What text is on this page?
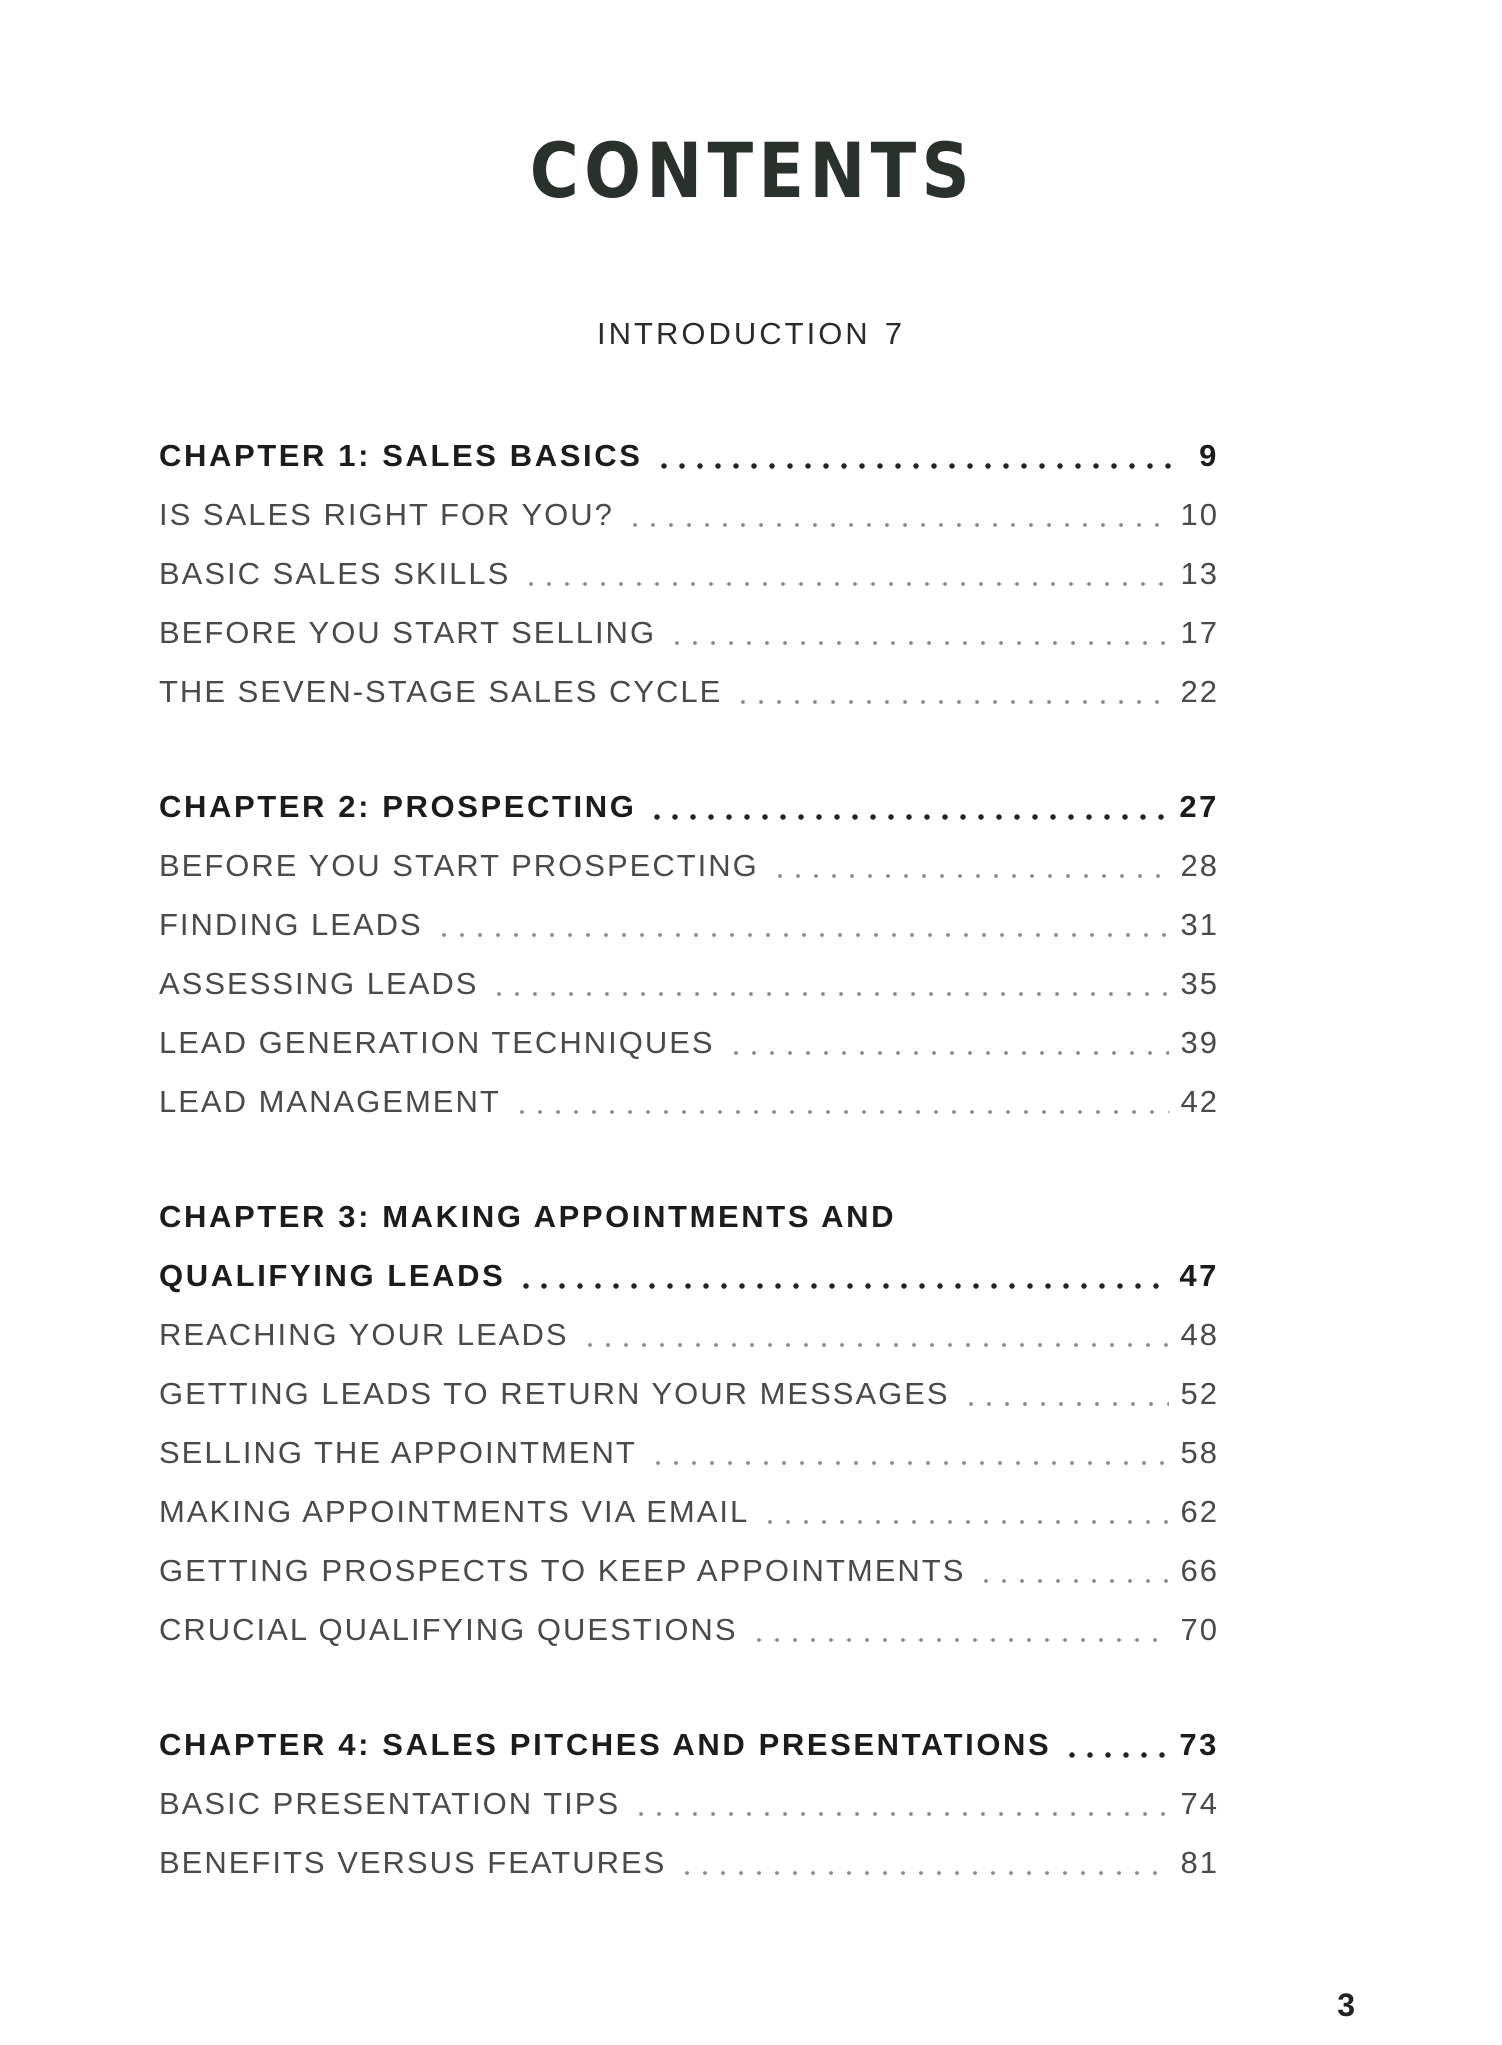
CONTENTS
INTRODUCTION 7
CHAPTER 1: SALES BASICS	9
IS SALES RIGHT FOR YOU?	10
BASIC SALES SKILLS	13
BEFORE YOU START SELLING	17
THE SEVEN-STAGE SALES CYCLE	22
CHAPTER 2: PROSPECTING	27
BEFORE YOU START PROSPECTING	28
FINDING LEADS	31
ASSESSING LEADS	35
LEAD GENERATION TECHNIQUES	39
LEAD MANAGEMENT	42
CHAPTER 3: MAKING APPOINTMENTS AND
QUALIFYING LEADS	47
REACHING YOUR LEADS	48
GETTING LEADS TO RETURN YOUR MESSAGES	52
SELLING THE APPOINTMENT	58
MAKING APPOINTMENTS VIA EMAIL	62
GETTING PROSPECTS TO KEEP APPOINTMENTS	66
CRUCIAL QUALIFYING QUESTIONS	70
CHAPTER 4: SALES PITCHES AND PRESENTATIONS	73
BASIC PRESENTATION TIPS	74
BENEFITS VERSUS FEATURES	81
3
